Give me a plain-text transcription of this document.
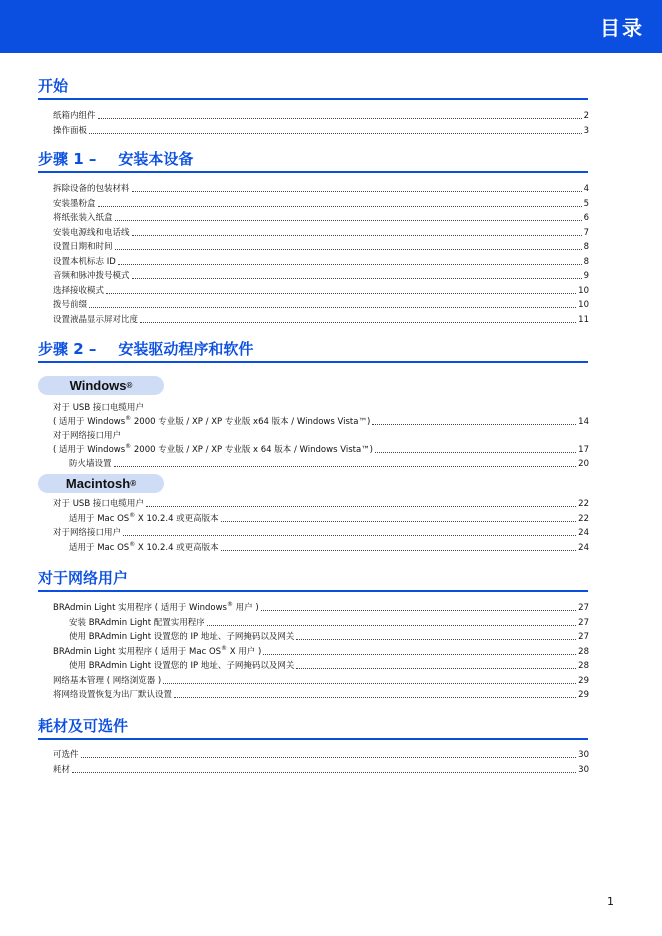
目录
开始
纸箱内组件	2
操作面板	3
步骤 1 – 安装本设备
拆除设备的包装材料	4
安装墨粉盒	5
将纸张装入纸盒	6
安装电源线和电话线	7
设置日期和时间	8
设置本机标志 ID	8
音频和脉冲拨号模式	9
选择接收模式	10
拨号前缀	10
设置液晶显示屏对比度	11
步骤 2 – 安装驱动程序和软件
Windows ®
对于 USB 接口电缆用户
( 适用于 Windows® 2000 专业版 / XP / XP 专业版 x64 版本 / Windows Vista™)	14
对于网络接口用户
( 适用于 Windows® 2000 专业版 / XP / XP 专业版 x 64 版本 / Windows Vista™)	17
防火墙设置	20
Macintosh ®
对于 USB 接口电缆用户	22
适用于 Mac OS® X 10.2.4 或更高版本	22
对于网络接口用户	24
适用于 Mac OS® X 10.2.4 或更高版本	24
对于网络用户
BRAdmin Light 实用程序 ( 适用于 Windows® 用户 )	27
安装 BRAdmin Light 配置实用程序	27
使用 BRAdmin Light 设置您的 IP 地址、子网掩码以及网关	27
BRAdmin Light 实用程序 ( 适用于 Mac OS® X 用户 )	28
使用 BRAdmin Light 设置您的 IP 地址、子网掩码以及网关	28
网络基本管理 ( 网络浏览器 )	29
将网络设置恢复为出厂默认设置	29
耗材及可选件
可选件	30
耗材	30
1
